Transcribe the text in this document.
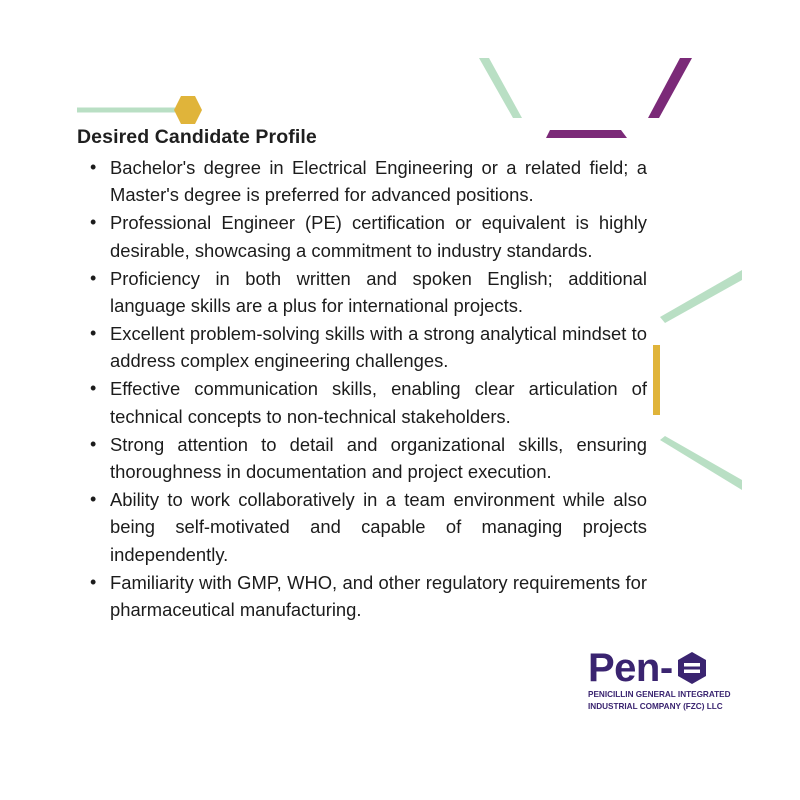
Desired Candidate Profile
• Bachelor's degree in Electrical Engineering or a related field; a Master's degree is preferred for advanced positions.
• Professional Engineer (PE) certification or equivalent is highly desirable, showcasing a commitment to industry standards.
• Proficiency in both written and spoken English; additional language skills are a plus for international projects.
• Excellent problem-solving skills with a strong analytical mindset to address complex engineering challenges.
• Effective communication skills, enabling clear articulation of technical concepts to non-technical stakeholders.
• Strong attention to detail and organizational skills, ensuring thoroughness in documentation and project execution.
• Ability to work collaboratively in a team environment while also being self-motivated and capable of managing projects independently.
• Familiarity with GMP, WHO, and other regulatory requirements for pharmaceutical manufacturing.
Pen-
PENICILLIN GENERAL INTEGRATED
INDUSTRIAL COMPANY (FZC) LLC
